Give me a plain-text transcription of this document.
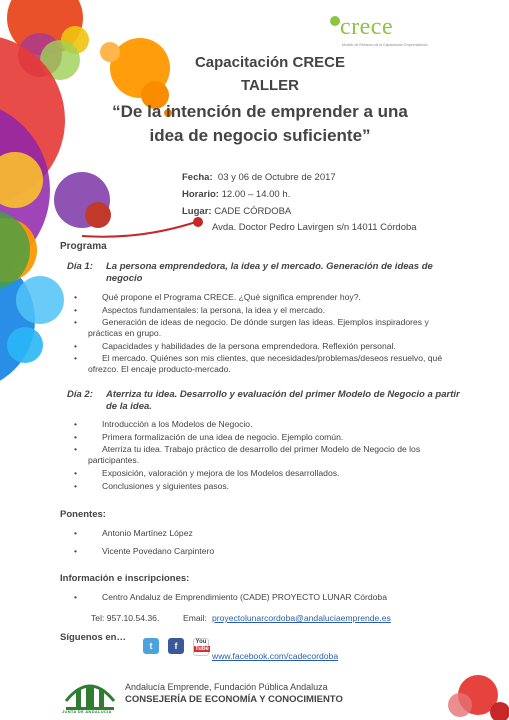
crece
Modelo de Refuerzo de la Capacitación Emprendedora
Capacitación CRECE
TALLER
“De la intención de emprender a una
idea de negocio suficiente”
Fecha: 03 y 06 de Octubre de 2017
Horario: 12.00 – 14.00 h.
Lugar: CADE CÓRDOBA
Avda. Doctor Pedro Lavirgen s/n 14011 Córdoba
Programa
Día 1: La persona emprendedora, la idea y el mercado. Generación de ideas de
negocio
•	Qué propone el Programa CRECE. ¿Qué significa emprender hoy?.
•	Aspectos fundamentales: la persona, la idea y el mercado.
•	Generación de ideas de negocio. De dónde surgen las ideas. Ejemplos inspiradores y
prácticas en grupo.
•	Capacidades y habilidades de la persona emprendedora. Reflexión personal.
•	El mercado. Quiénes son mis clientes, que necesidades/problemas/deseos resuelvo, qué
ofrezco. El encaje producto-mercado.
Día 2: Aterriza tu idea. Desarrollo y evaluación del primer Modelo de Negocio a partir
de la idea.
•	Introducción a los Modelos de Negocio.
•	Primera formalización de una idea de negocio. Ejemplo común.
•	Aterriza tu idea. Trabajo práctico de desarrollo del primer Modelo de Negocio de los
participantes.
•	Exposición, valoración y mejora de los Modelos desarrollados.
•	Conclusiones y siguientes pasos.
Ponentes:
•	Antonio Martínez López
•	Vicente Povedano Carpintero
Información e inscripciones:
•	Centro Andaluz de Emprendimiento (CADE) PROYECTO LUNAR Córdoba
Tel: 957.10.54.36.	Email: proyectolunarcordoba@andaluciaemprende.es
Síguenos en…
t	f	You
Tube
www.facebook.com/cadecordoba
JUNTA DE ANDALUCIA
Andalucía Emprende, Fundación Pública Andaluza
CONSEJERÍA DE ECONOMÍA Y CONOCIMIENTO
